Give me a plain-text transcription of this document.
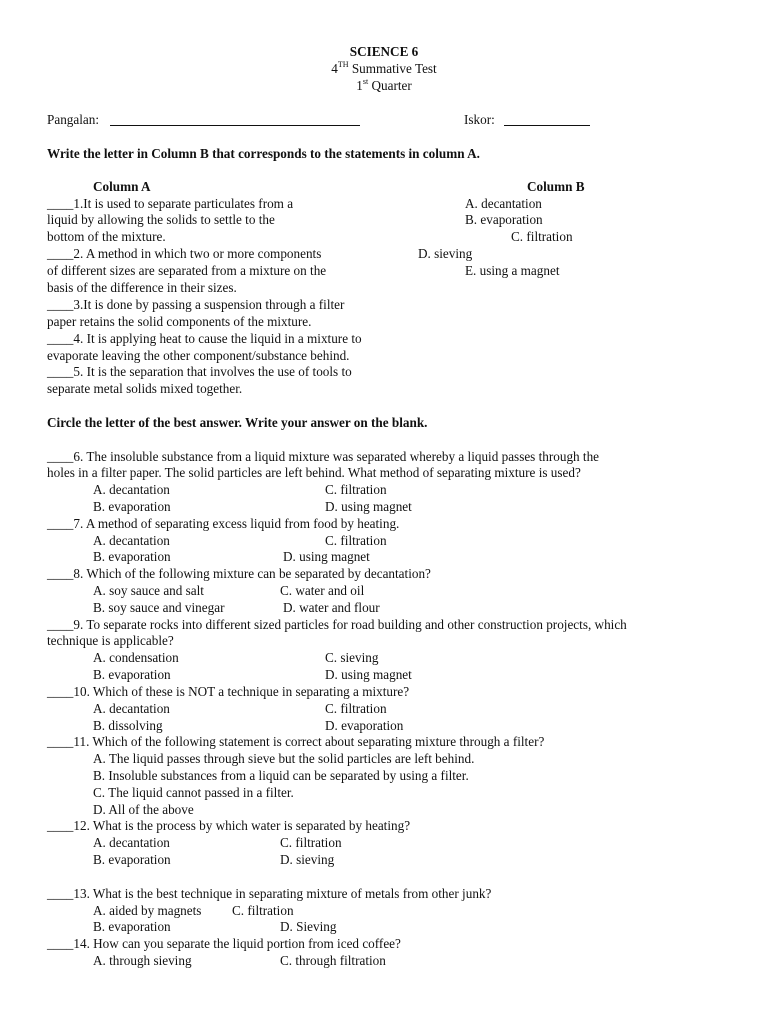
SCIENCE 6
4TH Summative Test
1st Quarter
Pangalan:	Iskor:
Write the letter in Column B that corresponds to the statements in column A.
Column A	Column B
____1.It is used to separate particulates from a
liquid by allowing the solids to settle to the
bottom of the mixture.
____2. A method in which two or more components
of different sizes are separated from a mixture on the
basis of the difference in their sizes.
____3.It is done by passing a suspension through a filter
paper retains the solid components of the mixture.
____4. It is applying heat to cause the liquid in a mixture to
evaporate leaving the other component/substance behind.
____5. It is the separation that involves the use of tools to
separate metal solids mixed together.
A. decantation
B. evaporation
C. filtration
D. sieving
E. using a magnet
Circle the letter of the best answer. Write your answer on the blank.
____6. The insoluble substance from a liquid mixture was separated whereby a liquid passes through the
holes in a filter paper. The solid particles are left behind. What method of separating mixture is used?
A. decantation	C. filtration
B. evaporation	D. using magnet
____7. A method of separating excess liquid from food by heating.
A. decantation	C. filtration
B. evaporation	D. using magnet
____8. Which of the following mixture can be separated by decantation?
A. soy sauce and salt	C. water and oil
B. soy sauce and vinegar	D. water and flour
____9. To separate rocks into different sized particles for road building and other construction projects, which
technique is applicable?
A. condensation	C. sieving
B. evaporation	D. using magnet
____10. Which of these is NOT a technique in separating a mixture?
A. decantation	C. filtration
B. dissolving	D. evaporation
____11. Which of the following statement is correct about separating mixture through a filter?
A. The liquid passes through sieve but the solid particles are left behind.
B. Insoluble substances from a liquid can be separated by using a filter.
C. The liquid cannot passed in a filter.
D. All of the above
____12. What is the process by which water is separated by heating?
A. decantation	C. filtration
B. evaporation	D. sieving
____13. What is the best technique in separating mixture of metals from other junk?
A. aided by magnets C. filtration
B. evaporation	D. Sieving
____14. How can you separate the liquid portion from iced coffee?
A. through sieving	C. through filtration
